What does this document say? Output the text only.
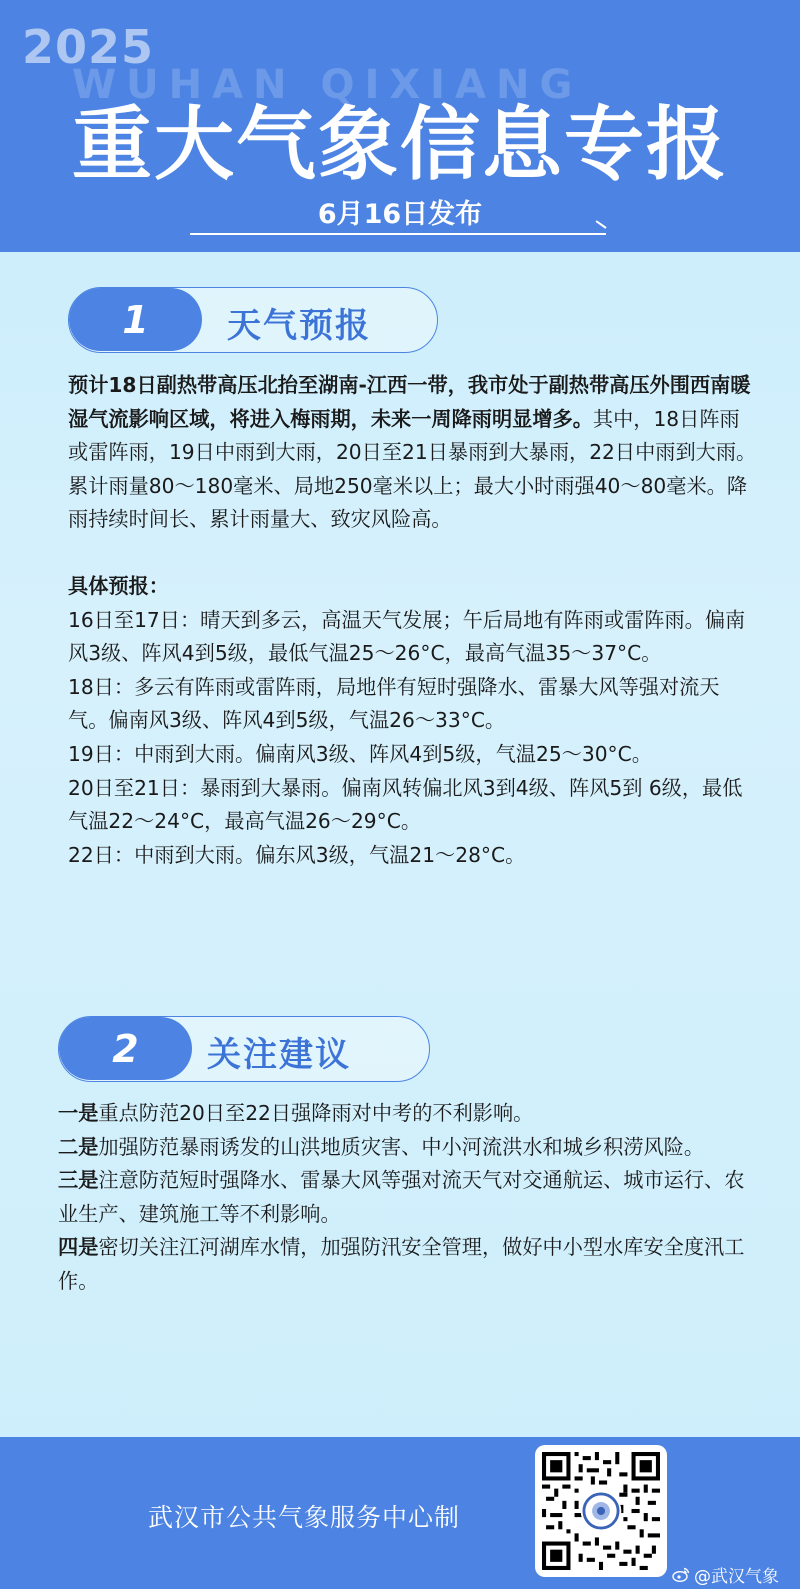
2025
WUHAN QIXIANG
重大气象信息专报
6月16日发布
1	天气预报

预计18日副热带高压北抬至湖南-江西一带，我市处于副热带高压外围西南暖湿气流影响区域，将进入梅雨期，未来一周降雨明显增多。其中，18日阵雨或雷阵雨，19日中雨到大雨，20日至21日暴雨到大暴雨，22日中雨到大雨。累计雨量80～180毫米、局地250毫米以上；最大小时雨强40～80毫米。降雨持续时间长、累计雨量大、致灾风险高。

具体预报：

16日至17日：晴天到多云，高温天气发展；午后局地有阵雨或雷阵雨。偏南风3级、阵风4到5级，最低气温25～26°C，最高气温35～37°C。

18日：多云有阵雨或雷阵雨，局地伴有短时强降水、雷暴大风等强对流天气。偏南风3级、阵风4到5级，气温26～33°C。

19日：中雨到大雨。偏南风3级、阵风4到5级，气温25～30°C。

20日至21日：暴雨到大暴雨。偏南风转偏北风3到4级、阵风5到 6级，最低气温22～24°C，最高气温26～29°C。

22日：中雨到大雨。偏东风3级，气温21～28°C。

2	关注建议

一是重点防范20日至22日强降雨对中考的不利影响。

二是加强防范暴雨诱发的山洪地质灾害、中小河流洪水和城乡积涝风险。

三是注意防范短时强降水、雷暴大风等强对流天气对交通航运、城市运行、农业生产、建筑施工等不利影响。

四是密切关注江河湖库水情，加强防汛安全管理，做好中小型水库安全度汛工作。

武汉市公共气象服务中心制
@武汉气象
